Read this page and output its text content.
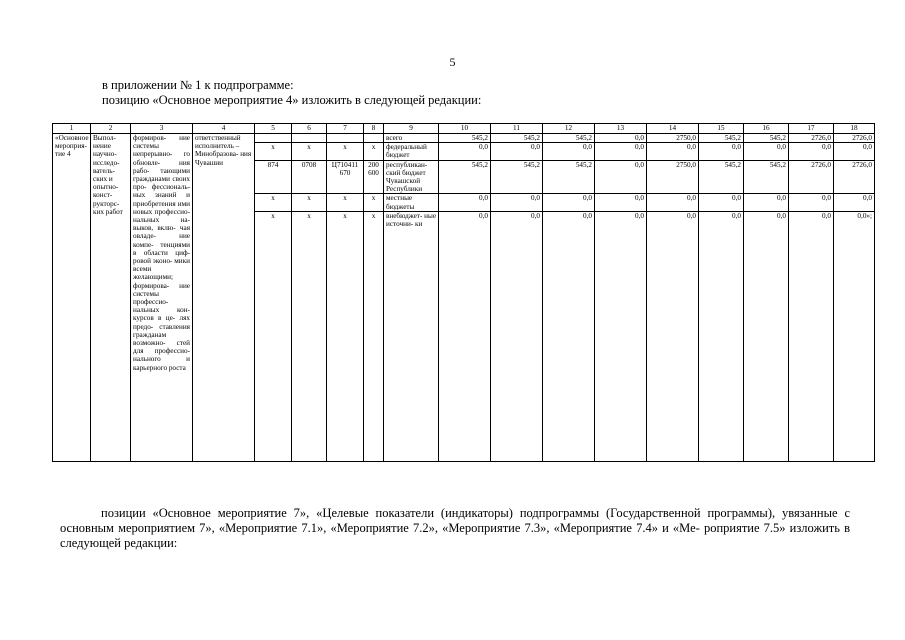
5
в приложении № 1 к подпрограмме:
позицию «Основное мероприятие 4» изложить в следующей редакции:
1	2	3	4	5	6	7	8	9	10	11	12	13	14	15	16	17	18
«Основное мероприя- тие 4	Выпол- нение научно- исследо- ватель- ских и опытно- конст- рукторс- ких работ	формиров- ние системы непрерывно- го обновле- ния рабо- тающими гражданами своих про- фессиональ- ных знаний и приобретения ими новых профессио- нальных на- выков, вклю- чая овладе- ние компе- тенциями в области циф- ровой эконо- мики всеми желающими; формирова- ние системы профессио- нальных кон- курсов в це- лях предо- ставления гражданам возможно- стей для профессио- нального и карьерного роста	ответственный исполнитель – Минобразова- ния Чувашии					всего	545,2	545,2	545,2	0,0	2750,0	545,2	545,2	2726,0	2726,0
				x	x	x	x	федеральный бюджет	0,0	0,0	0,0	0,0	0,0	0,0	0,0	0,0	0,0
				874	0708	Ц710411 670	200 600	республикан- ский бюджет Чувашской Республики	545,2	545,2	545,2	0,0	2750,0	545,2	545,2	2726,0	2726,0
				x	x	x	x	местные бюджеты	0,0	0,0	0,0	0,0	0,0	0,0	0,0	0,0	0,0
				x	x	x	x	внебюджет- ные источни- ки	0,0	0,0	0,0	0,0	0,0	0,0	0,0	0,0	0,0»;

позиции «Основное мероприятие 7», «Целевые показатели (индикаторы) подпрограммы (Государственной программы), увязанные с основным мероприятием 7», «Мероприятие 7.1», «Мероприятие 7.2», «Мероприятие 7.3», «Мероприятие 7.4» и «Ме- роприятие 7.5» изложить в следующей редакции:
